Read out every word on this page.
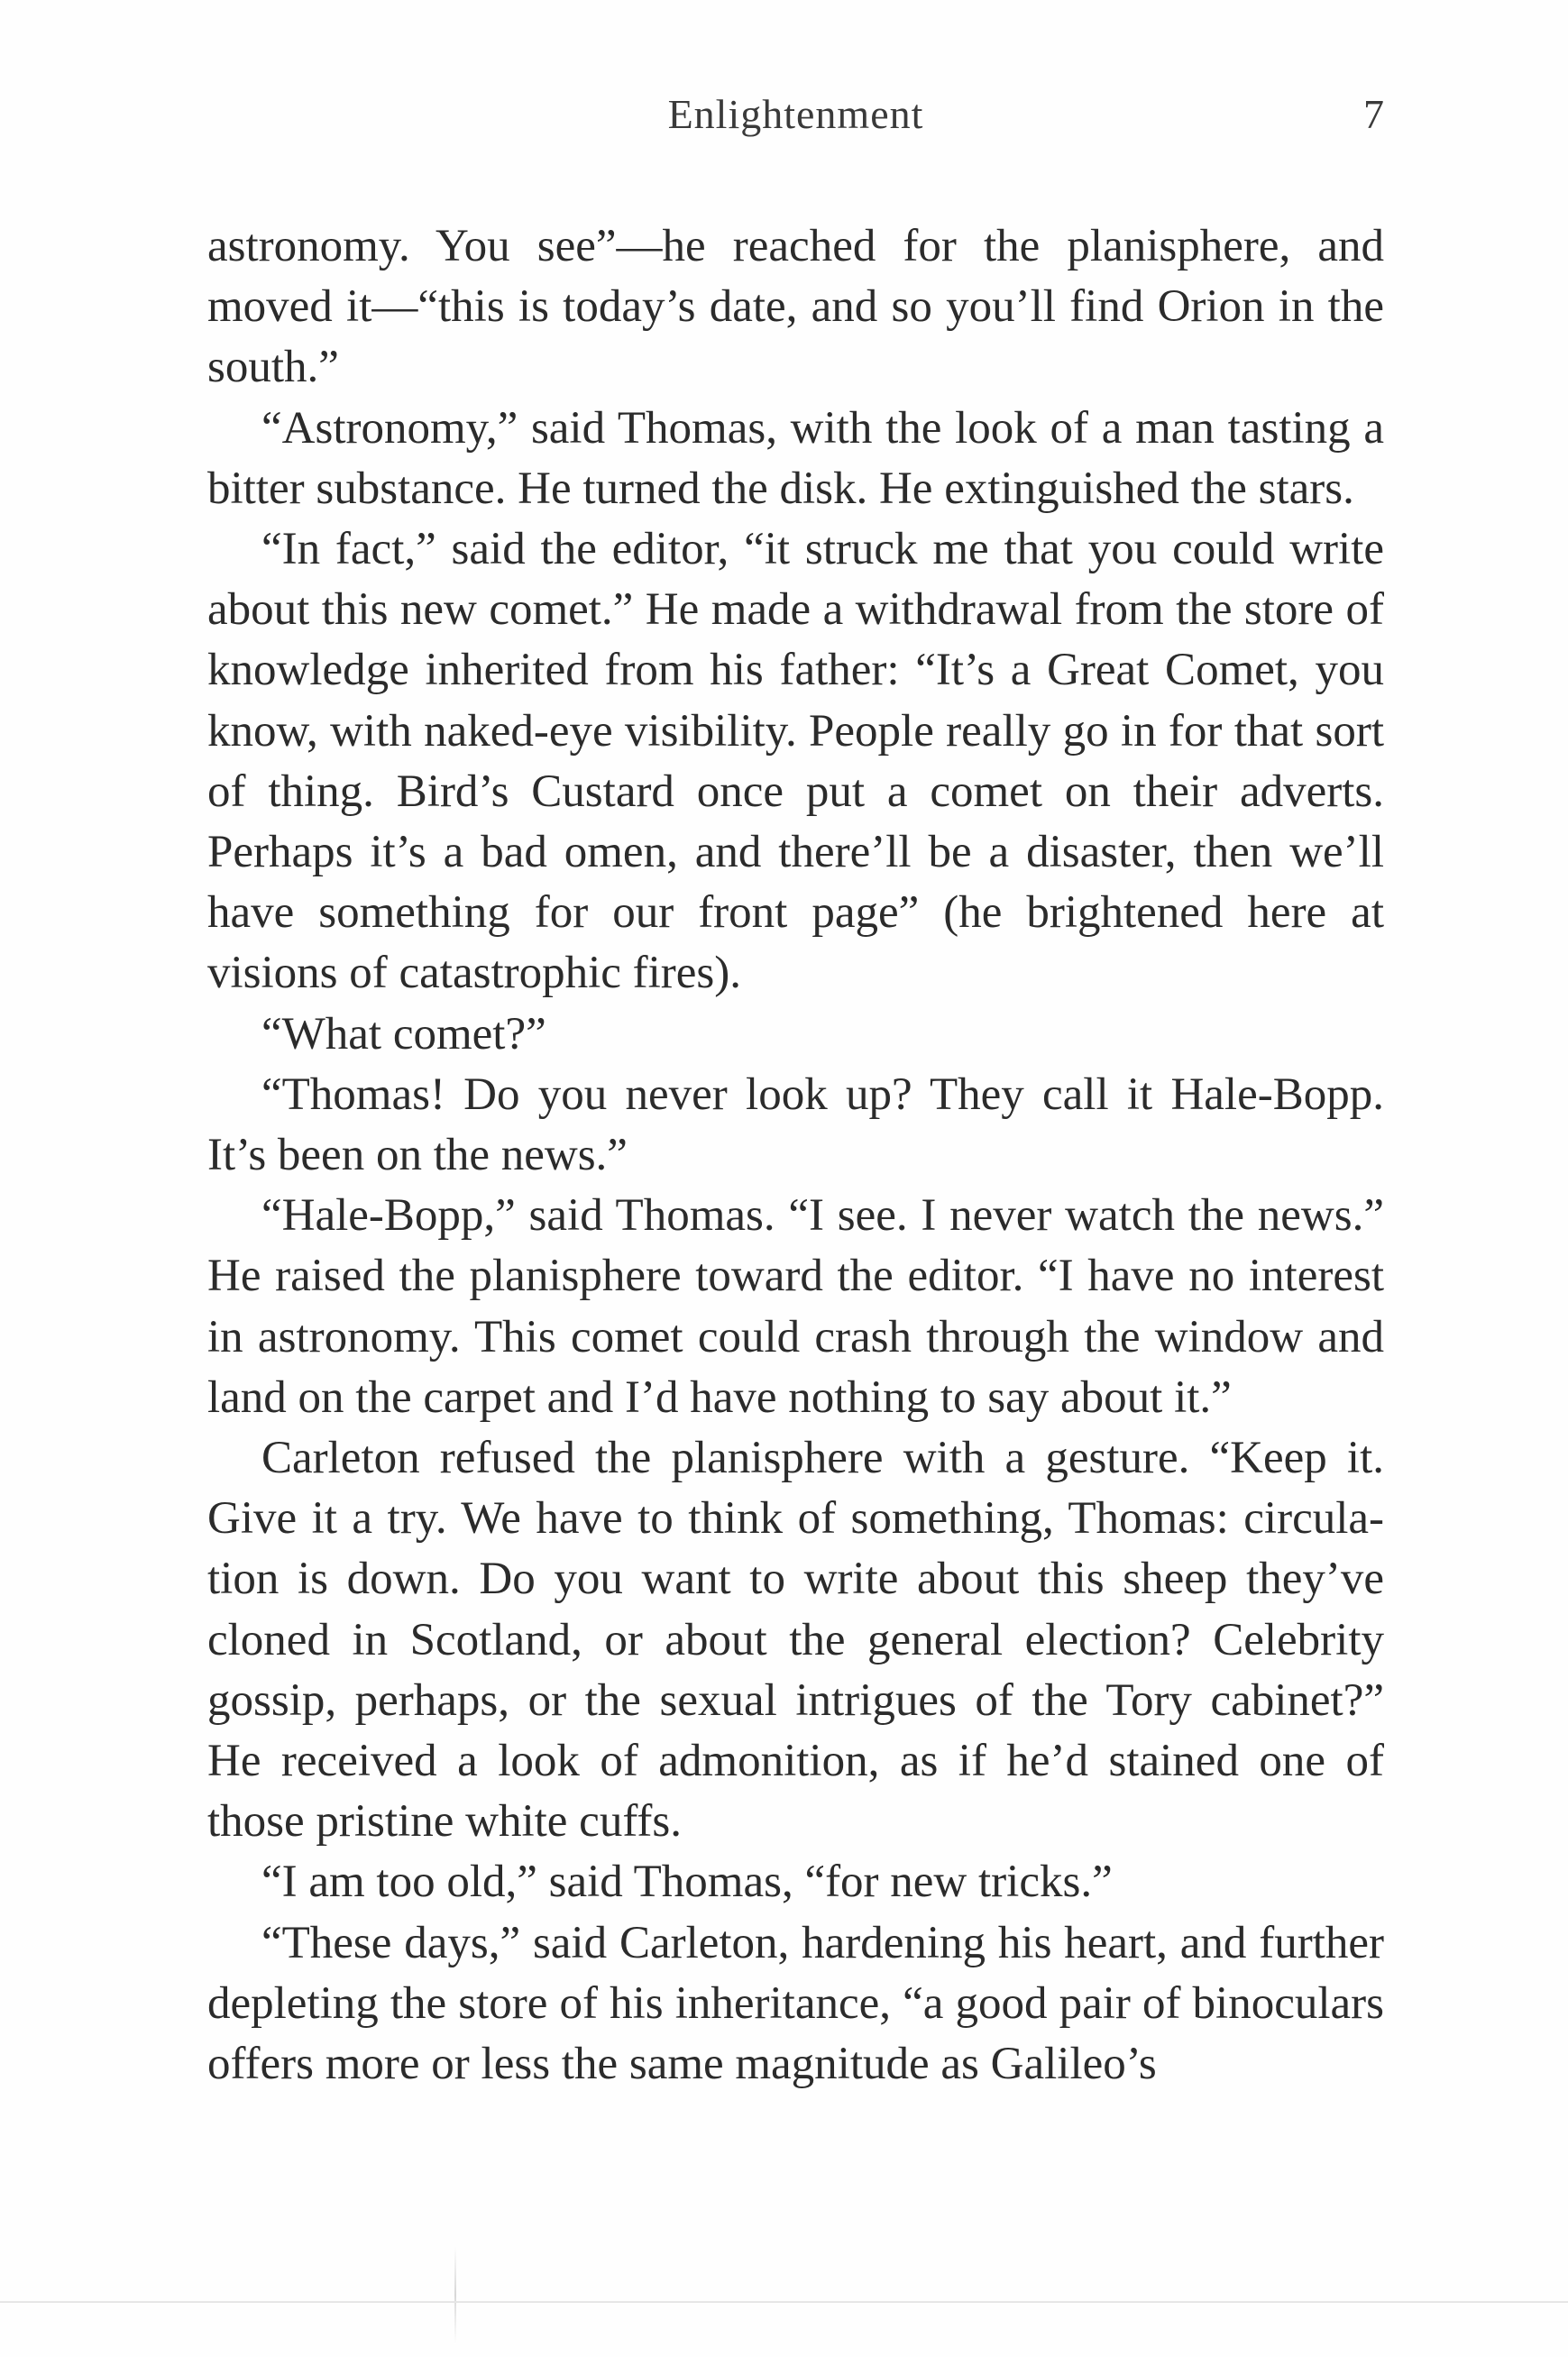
Enlightenment	7

astronomy. You see”—he reached for the planisphere, and moved it—“this is today’s date, and so you’ll find Orion in the south.”

“Astronomy,” said Thomas, with the look of a man tasting a bitter substance. He turned the disk. He extinguished the stars.

“In fact,” said the editor, “it struck me that you could write about this new comet.” He made a withdrawal from the store of knowledge inherited from his father: “It’s a Great Comet, you know, with naked-eye visibility. People really go in for that sort of thing. Bird’s Custard once put a comet on their adverts. Perhaps it’s a bad omen, and there’ll be a disaster, then we’ll have something for our front page” (he brightened here at visions of catastrophic fires).

“What comet?”

“Thomas! Do you never look up? They call it Hale-Bopp. It’s been on the news.”

“Hale-Bopp,” said Thomas. “I see. I never watch the news.” He raised the planisphere toward the editor. “I have no interest in astronomy. This comet could crash through the window and land on the carpet and I’d have nothing to say about it.”

Carleton refused the planisphere with a gesture. “Keep it. Give it a try. We have to think of something, Thomas: circulation is down. Do you want to write about this sheep they’ve cloned in Scotland, or about the general election? Celebrity gossip, perhaps, or the sexual intrigues of the Tory cabinet?” He received a look of admonition, as if he’d stained one of those pristine white cuffs.

“I am too old,” said Thomas, “for new tricks.”

“These days,” said Carleton, hardening his heart, and further depleting the store of his inheritance, “a good pair of binoculars offers more or less the same magnitude as Galileo’s
